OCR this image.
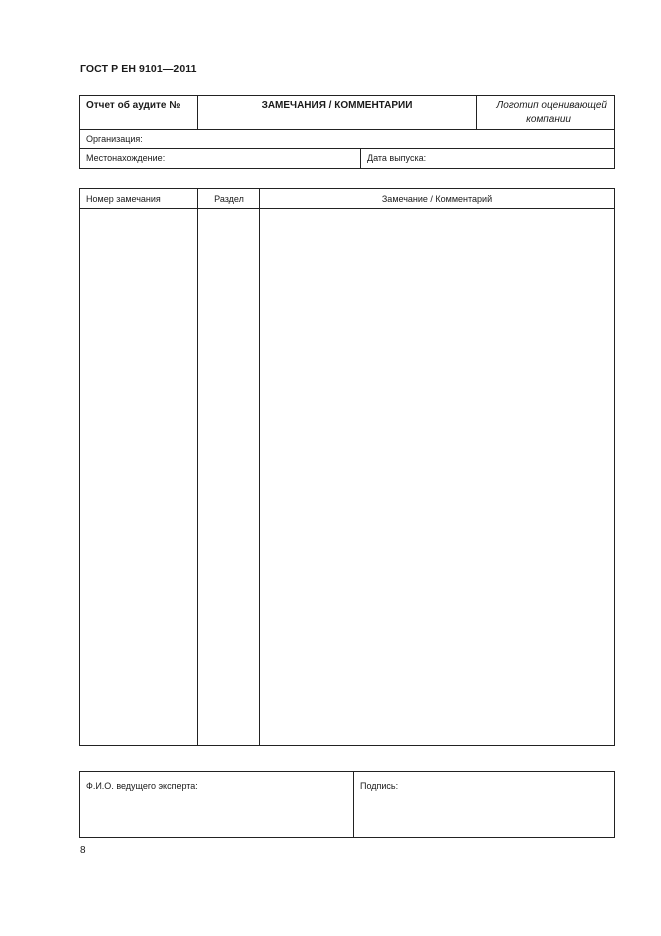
ГОСТ Р ЕН 9101—2011
Отчет об аудите №	ЗАМЕЧАНИЯ / КОММЕНТАРИИ	Логотип оценивающей
компании
Организация:
Местонахождение:	Дата выпуска:
Номер замечания	Раздел	Замечание / Комментарий
Ф.И.О. ведущего эксперта:	Подпись:
8
